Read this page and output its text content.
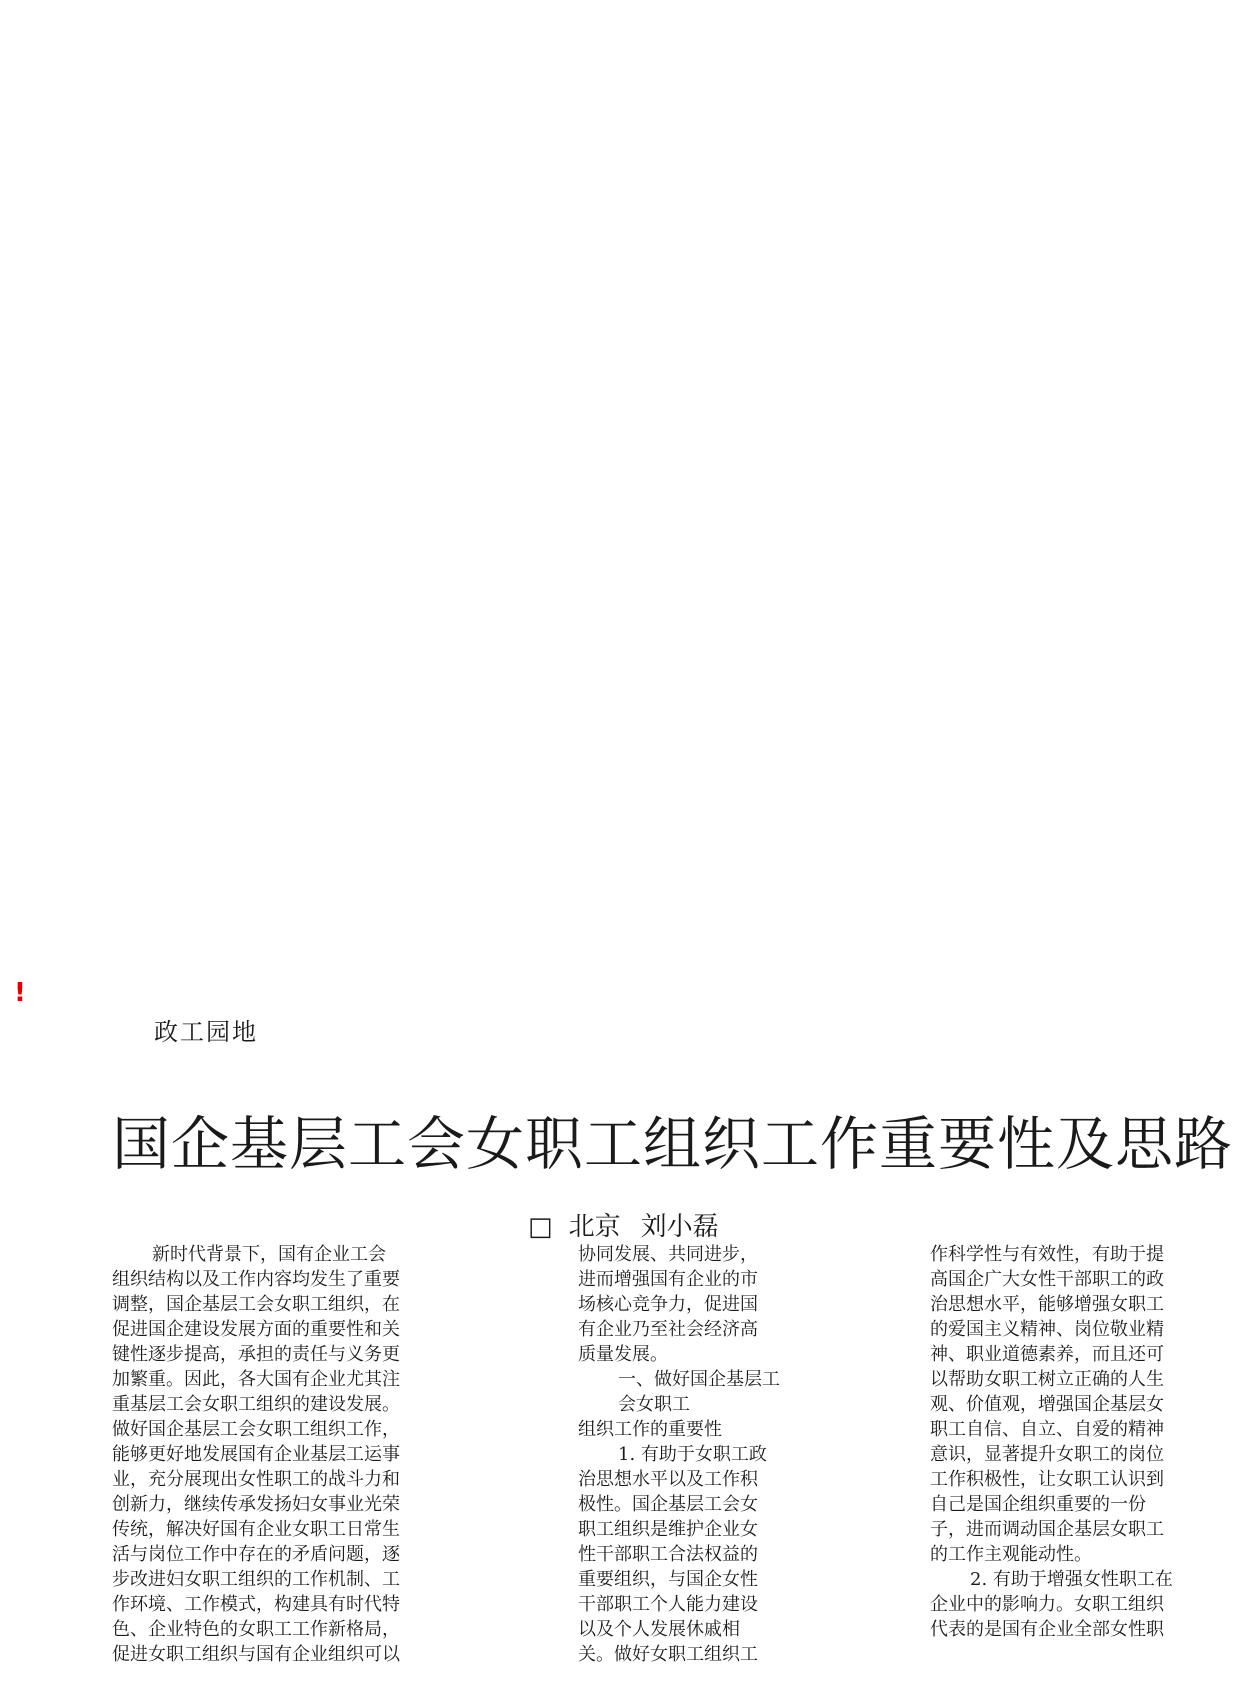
!
政工园地
国企基层工会女职工组织工作重要性及思路
□ 北京 刘小磊
新时代背景下，国有企业工会
组织结构以及工作内容均发生了重要
调整，国企基层工会女职工组织，在
促进国企建设发展方面的重要性和关
键性逐步提高，承担的责任与义务更
加繁重。因此，各大国有企业尤其注
重基层工会女职工组织的建设发展。
做好国企基层工会女职工组织工作，
能够更好地发展国有企业基层工运事
业，充分展现出女性职工的战斗力和
创新力，继续传承发扬妇女事业光荣
传统，解决好国有企业女职工日常生
活与岗位工作中存在的矛盾问题，逐
步改进妇女职工组织的工作机制、工
作环境、工作模式，构建具有时代特
色、企业特色的女职工工作新格局，
促进女职工组织与国有企业组织可以
协同发展、共同进步，
进而增强国有企业的市
场核心竞争力，促进国
有企业乃至社会经济高
质量发展。
一、做好国企基层工
会女职工
组织工作的重要性
1. 有助于女职工政
治思想水平以及工作积
极性。国企基层工会女
职工组织是维护企业女
性干部职工合法权益的
重要组织，与国企女性
干部职工个人能力建设
以及个人发展休戚相
关。做好女职工组织工
作科学性与有效性，有助于提
高国企广大女性干部职工的政
治思想水平，能够增强女职工
的爱国主义精神、岗位敬业精
神、职业道德素养，而且还可
以帮助女职工树立正确的人生
观、价值观，增强国企基层女
职工自信、自立、自爱的精神
意识，显著提升女职工的岗位
工作积极性，让女职工认识到
自己是国企组织重要的一份
子，进而调动国企基层女职工
的工作主观能动性。
2. 有助于增强女性职工在
企业中的影响力。女职工组织
代表的是国有企业全部女性职
